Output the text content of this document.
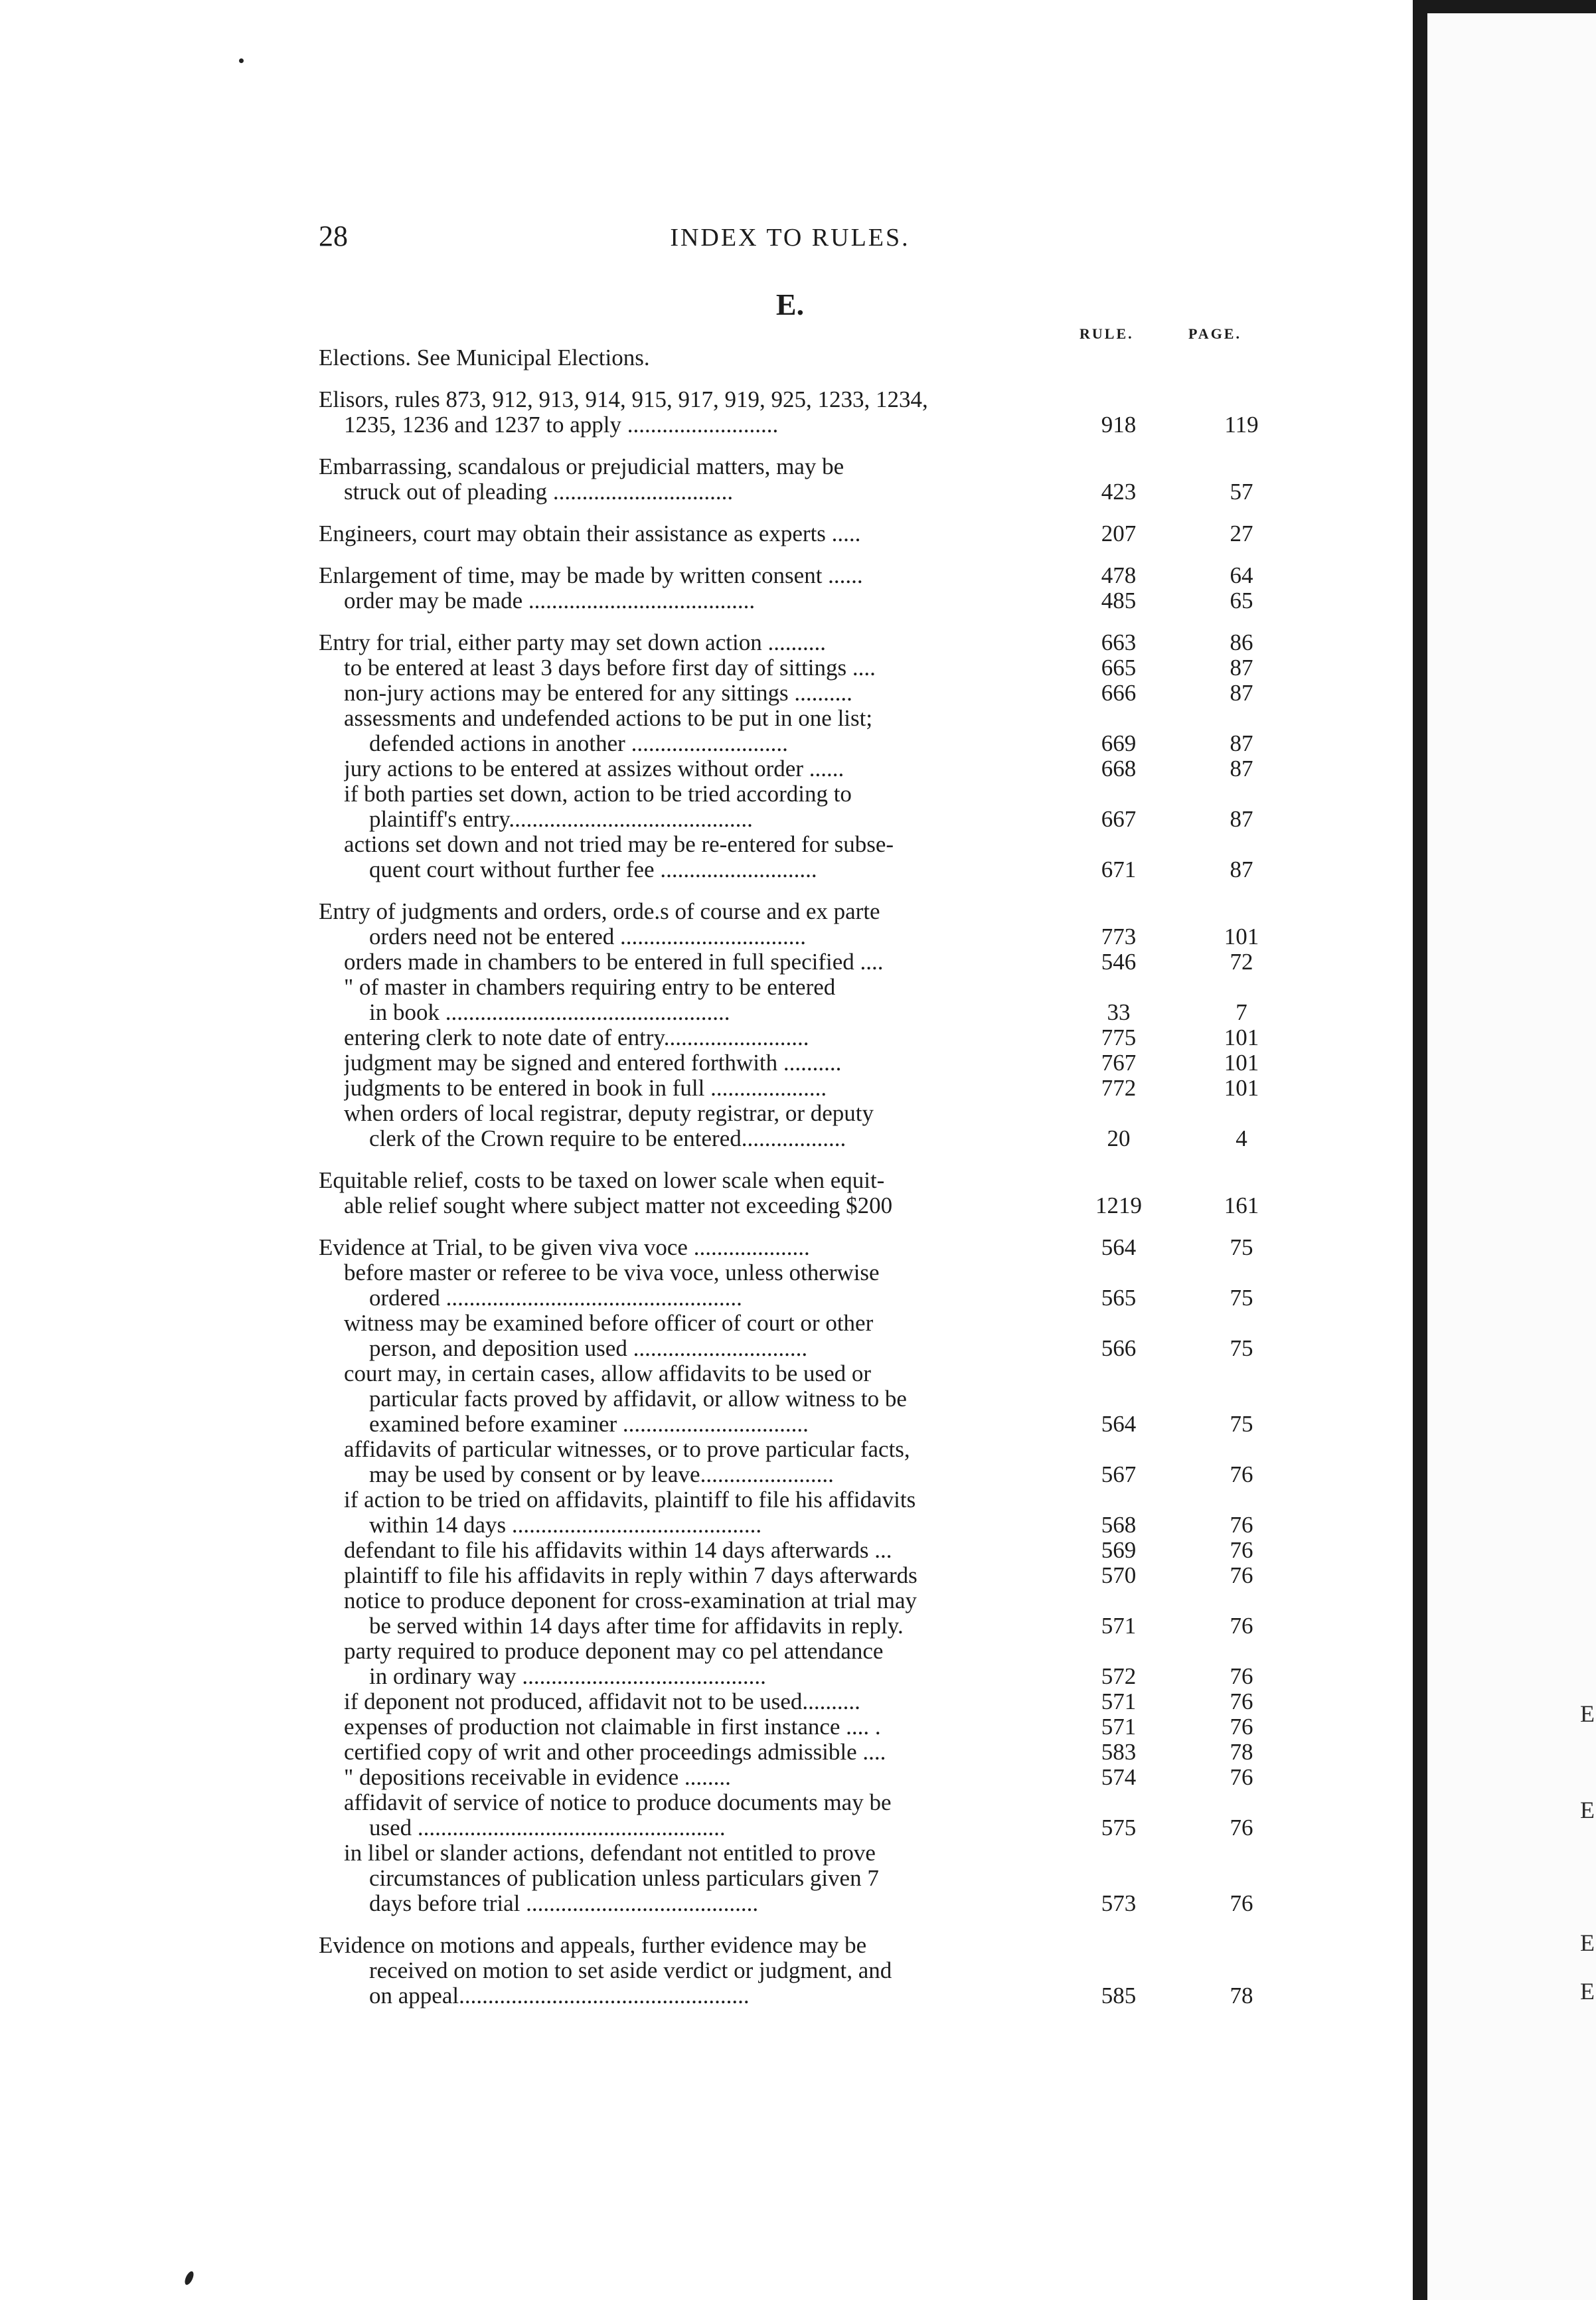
E
E
E
E
28	INDEX TO RULES.
E.
RULE.	PAGE.
Elections. See Municipal Elections.
Elisors, rules 873, 912, 913, 914, 915, 917, 919, 925, 1233, 1234,
1235, 1236 and 1237 to apply ..........................	918	119
Embarrassing, scandalous or prejudicial matters, may be
struck out of pleading ...............................	423	57
Engineers, court may obtain their assistance as experts .....	207	27
Enlargement of time, may be made by written consent ......	478	64
order may be made .......................................	485	65
Entry for trial, either party may set down action ..........	663	86
to be entered at least 3 days before first day of sittings ....	665	87
non-jury actions may be entered for any sittings ..........	666	87
assessments and undefended actions to be put in one list;
defended actions in another ...........................	669	87
jury actions to be entered at assizes without order ......	668	87
if both parties set down, action to be tried according to
plaintiff's entry..........................................	667	87
actions set down and not tried may be re-entered for subse-
quent court without further fee ...........................	671	87
Entry of judgments and orders, orde.s of course and ex parte
orders need not be entered ................................	773	101
orders made in chambers to be entered in full specified ....	546	72
" of master in chambers requiring entry to be entered
in book .................................................	33	7
entering clerk to note date of entry.........................	775	101
judgment may be signed and entered forthwith ..........	767	101
judgments to be entered in book in full ....................	772	101
when orders of local registrar, deputy registrar, or deputy
clerk of the Crown require to be entered..................	20	4
Equitable relief, costs to be taxed on lower scale when equit-
able relief sought where subject matter not exceeding $200	1219	161
Evidence at Trial, to be given viva voce ....................	564	75
before master or referee to be viva voce, unless otherwise
ordered ...................................................	565	75
witness may be examined before officer of court or other
person, and deposition used ..............................	566	75
court may, in certain cases, allow affidavits to be used or
particular facts proved by affidavit, or allow witness to be
examined before examiner ................................	564	75
affidavits of particular witnesses, or to prove particular facts,
may be used by consent or by leave.......................	567	76
if action to be tried on affidavits, plaintiff to file his affidavits
within 14 days ...........................................	568	76
defendant to file his affidavits within 14 days afterwards ...	569	76
plaintiff to file his affidavits in reply within 7 days afterwards	570	76
notice to produce deponent for cross-examination at trial may
be served within 14 days after time for affidavits in reply.	571	76
party required to produce deponent may co pel attendance
in ordinary way ..........................................	572	76
if deponent not produced, affidavit not to be used..........	571	76
expenses of production not claimable in first instance .... .	571	76
certified copy of writ and other proceedings admissible ....	583	78
" depositions receivable in evidence ........	574	76
affidavit of service of notice to produce documents may be
used .....................................................	575	76
in libel or slander actions, defendant not entitled to prove
circumstances of publication unless particulars given 7
days before trial ........................................	573	76
Evidence on motions and appeals, further evidence may be
received on motion to set aside verdict or judgment, and
on appeal..................................................	585	78
